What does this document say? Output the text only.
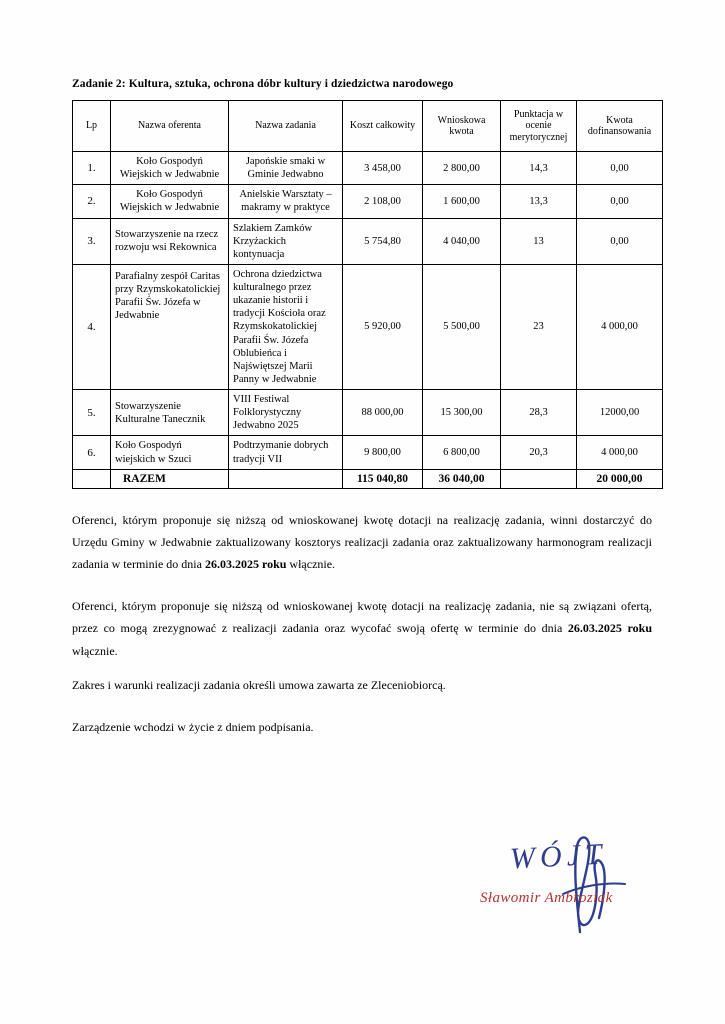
Zadanie 2: Kultura, sztuka, ochrona dóbr kultury i dziedzictwa narodowego
Lp	Nazwa oferenta	Nazwa zadania	Koszt całkowity	Wnioskowa kwota	Punktacja w ocenie merytorycznej	Kwota dofinansowania
1.	Koło Gospodyń Wiejskich w Jedwabnie	Japońskie smaki w Gminie Jedwabno	3 458,00	2 800,00	14,3	0,00
2.	Koło Gospodyń Wiejskich w Jedwabnie	Anielskie Warsztaty – makramy w praktyce	2 108,00	1 600,00	13,3	0,00
3.	Stowarzyszenie na rzecz rozwoju wsi Rekownica	Szlakiem Zamków Krzyżackich kontynuacja	5 754,80	4 040,00	13	0,00
4.	Parafialny zespół Caritas przy Rzymskokatolickiej Parafii Św. Józefa w Jedwabnie	Ochrona dziedzictwa kulturalnego przez ukazanie historii i tradycji Kościoła oraz Rzymskokatolickiej Parafii Św. Józefa Oblubieńca i Najświętszej Marii Panny w Jedwabnie	5 920,00	5 500,00	23	4 000,00
5.	Stowarzyszenie Kulturalne Tanecznik	VIII Festiwal Folklorystyczny Jedwabno 2025	88 000,00	15 300,00	28,3	12000,00
6.	Koło Gospodyń wiejskich w Szuci	Podtrzymanie dobrych tradycji VII	9 800,00	6 800,00	20,3	4 000,00
	RAZEM		115 040,80	36 040,00		20 000,00

Oferenci, którym proponuje się niższą od wnioskowanej kwotę dotacji na realizację zadania, winni dostarczyć do Urzędu Gminy w Jedwabnie zaktualizowany kosztorys realizacji zadania oraz zaktualizowany harmonogram realizacji zadania w terminie do dnia 26.03.2025 roku włącznie.

Oferenci, którym proponuje się niższą od wnioskowanej kwotę dotacji na realizację zadania, nie są związani ofertą, przez co mogą zrezygnować z realizacji zadania oraz wycofać swoją ofertę w terminie do dnia 26.03.2025 roku włącznie.

Zakres i warunki realizacji zadania określi umowa zawarta ze Zleceniobiorcą.

Zarządzenie wchodzi w życie z dniem podpisania.

WÓJT
Sławomir Ambroziak
